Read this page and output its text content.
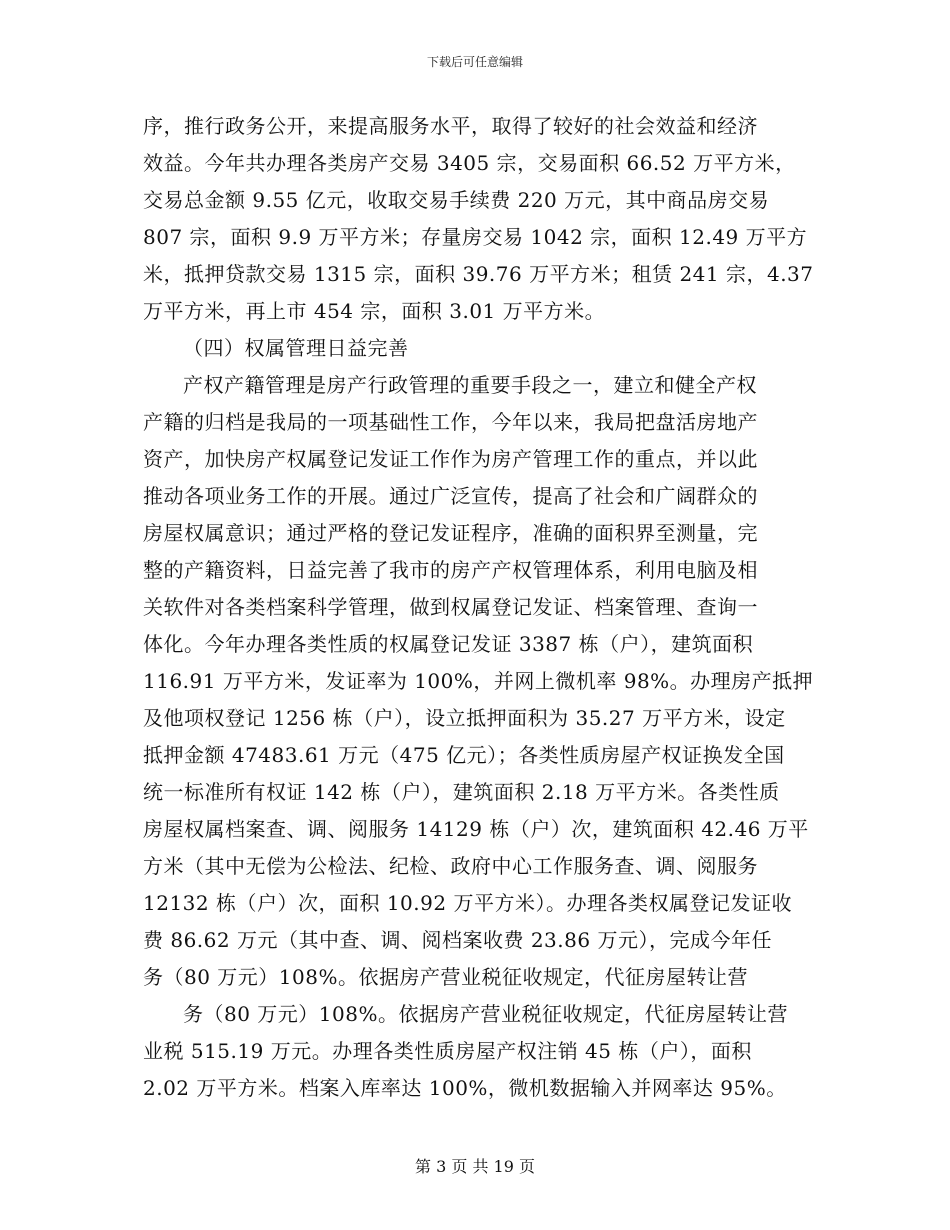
下载后可任意编辑
序，推行政务公开，来提高服务水平，取得了较好的社会效益和经济
效益。今年共办理各类房产交易 3405 宗，交易面积 66.52 万平方米，
交易总金额 9.55 亿元，收取交易手续费 220 万元，其中商品房交易
807 宗，面积 9.9 万平方米；存量房交易 1042 宗，面积 12.49 万平方
米，抵押贷款交易 1315 宗，面积 39.76 万平方米；租赁 241 宗，4.37
万平方米，再上市 454 宗，面积 3.01 万平方米。
（四）权属管理日益完善
产权产籍管理是房产行政管理的重要手段之一，建立和健全产权
产籍的归档是我局的一项基础性工作，今年以来，我局把盘活房地产
资产，加快房产权属登记发证工作作为房产管理工作的重点，并以此
推动各项业务工作的开展。通过广泛宣传，提高了社会和广阔群众的
房屋权属意识；通过严格的登记发证程序，准确的面积界至测量，完
整的产籍资料，日益完善了我市的房产产权管理体系，利用电脑及相
关软件对各类档案科学管理，做到权属登记发证、档案管理、查询一
体化。今年办理各类性质的权属登记发证 3387 栋（户），建筑面积
116.91 万平方米，发证率为 100%，并网上微机率 98%。办理房产抵押
及他项权登记 1256 栋（户），设立抵押面积为 35.27 万平方米，设定
抵押金额 47483.61 万元（475 亿元）；各类性质房屋产权证换发全国
统一标准所有权证 142 栋（户），建筑面积 2.18 万平方米。各类性质
房屋权属档案查、调、阅服务 14129 栋（户）次，建筑面积 42.46 万平
方米（其中无偿为公检法、纪检、政府中心工作服务查、调、阅服务
12132 栋（户）次，面积 10.92 万平方米）。办理各类权属登记发证收
费 86.62 万元（其中查、调、阅档案收费 23.86 万元），完成今年任
务（80 万元）108%。依据房产营业税征收规定，代征房屋转让营
务（80 万元）108%。依据房产营业税征收规定，代征房屋转让营
业税 515.19 万元。办理各类性质房屋产权注销 45 栋（户），面积
2.02 万平方米。档案入库率达 100%，微机数据输入并网率达 95%。
第 3 页 共 19 页
